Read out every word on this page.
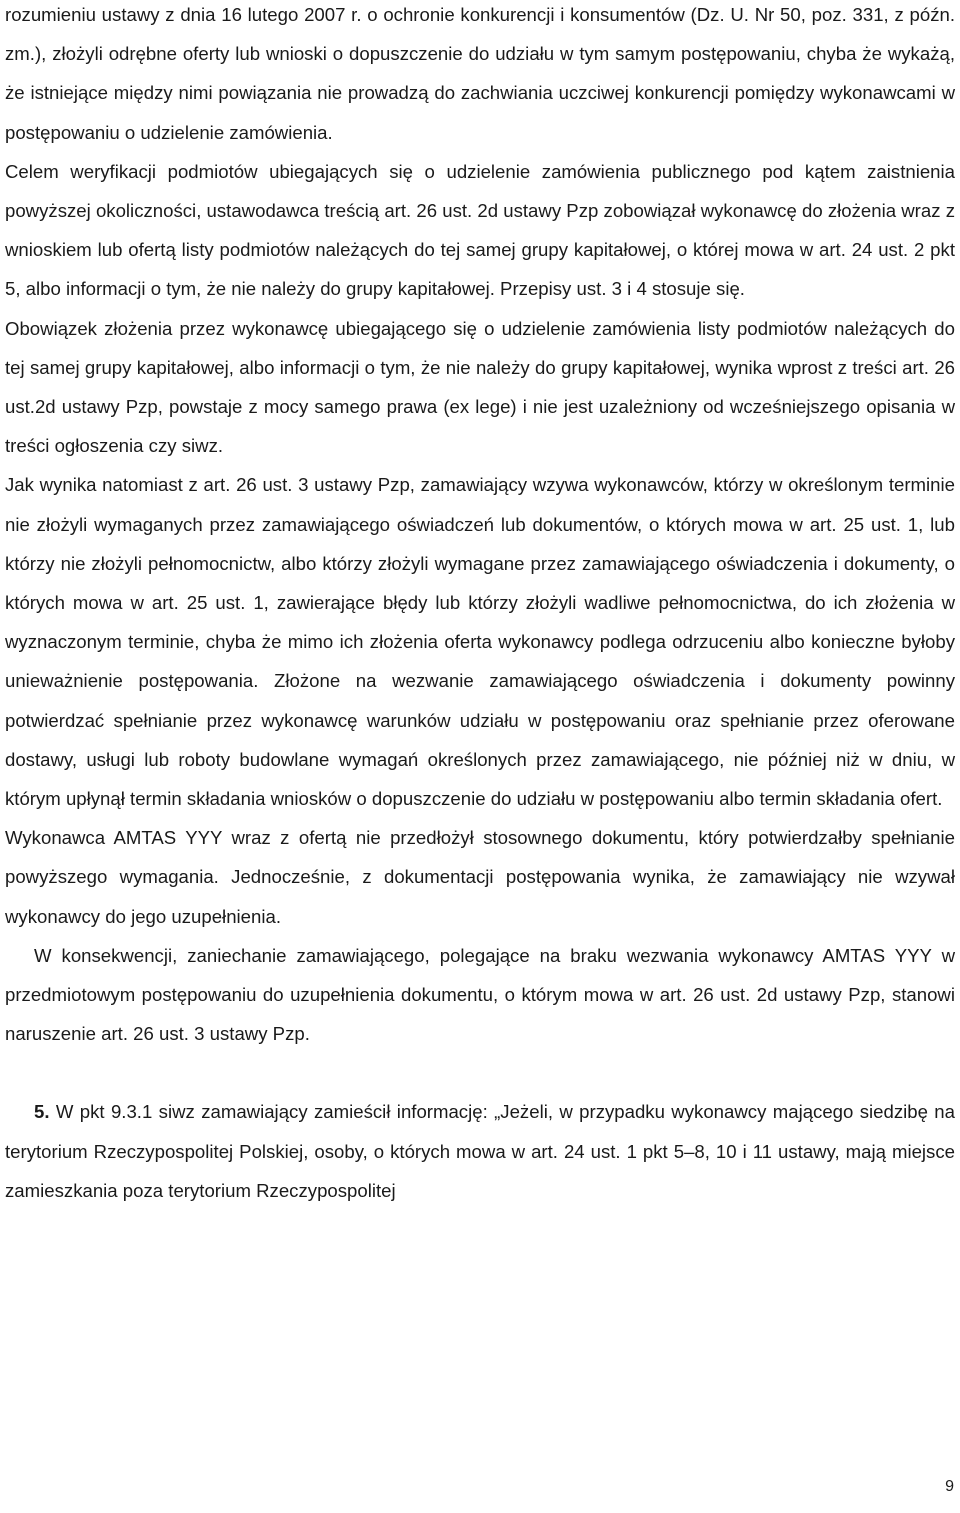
rozumieniu ustawy z dnia 16 lutego 2007 r. o ochronie konkurencji i konsumentów (Dz. U. Nr 50, poz. 331, z późn. zm.), złożyli odrębne oferty lub wnioski o dopuszczenie do udziału w tym samym postępowaniu, chyba że wykażą, że istniejące między nimi powiązania nie prowadzą do zachwiania uczciwej konkurencji pomiędzy wykonawcami w postępowaniu o udzielenie zamówienia.

Celem weryfikacji podmiotów ubiegających się o udzielenie zamówienia publicznego pod kątem zaistnienia powyższej okoliczności, ustawodawca treścią art. 26 ust. 2d ustawy Pzp zobowiązał wykonawcę do złożenia wraz z wnioskiem lub ofertą listy podmiotów należących do tej samej grupy kapitałowej, o której mowa w art. 24 ust. 2 pkt 5, albo informacji o tym, że nie należy do grupy kapitałowej. Przepisy ust. 3 i 4 stosuje się.

Obowiązek złożenia przez wykonawcę ubiegającego się o udzielenie zamówienia listy podmiotów należących do tej samej grupy kapitałowej, albo informacji o tym, że nie należy do grupy kapitałowej, wynika wprost z treści art. 26 ust.2d ustawy Pzp, powstaje z mocy samego prawa (ex lege) i nie jest uzależniony od wcześniejszego opisania w treści ogłoszenia czy siwz.

Jak wynika natomiast z art. 26 ust. 3 ustawy Pzp, zamawiający wzywa wykonawców, którzy w określonym terminie nie złożyli wymaganych przez zamawiającego oświadczeń lub dokumentów, o których mowa w art. 25 ust. 1, lub którzy nie złożyli pełnomocnictw, albo którzy złożyli wymagane przez zamawiającego oświadczenia i dokumenty, o których mowa w art. 25 ust. 1, zawierające błędy lub którzy złożyli wadliwe pełnomocnictwa, do ich złożenia w wyznaczonym terminie, chyba że mimo ich złożenia oferta wykonawcy podlega odrzuceniu albo konieczne byłoby unieważnienie postępowania. Złożone na wezwanie zamawiającego oświadczenia i dokumenty powinny potwierdzać spełnianie przez wykonawcę warunków udziału w postępowaniu oraz spełnianie przez oferowane dostawy, usługi lub roboty budowlane wymagań określonych przez zamawiającego, nie później niż w dniu, w którym upłynął termin składania wniosków o dopuszczenie do udziału w postępowaniu albo termin składania ofert.

Wykonawca AMTAS YYY wraz z ofertą nie przedłożył stosownego dokumentu, który potwierdzałby spełnianie powyższego wymagania. Jednocześnie, z dokumentacji postępowania wynika, że zamawiający nie wzywał wykonawcy do jego uzupełnienia.

W konsekwencji, zaniechanie zamawiającego, polegające na braku wezwania wykonawcy AMTAS YYY w przedmiotowym postępowaniu do uzupełnienia dokumentu, o którym mowa w art. 26 ust. 2d ustawy Pzp, stanowi naruszenie art. 26 ust. 3 ustawy Pzp.

5. W pkt 9.3.1 siwz zamawiający zamieścił informację: „Jeżeli, w przypadku wykonawcy mającego siedzibę na terytorium Rzeczypospolitej Polskiej, osoby, o których mowa w art. 24 ust. 1 pkt 5–8, 10 i 11 ustawy, mają miejsce zamieszkania poza terytorium Rzeczypospolitej

9
